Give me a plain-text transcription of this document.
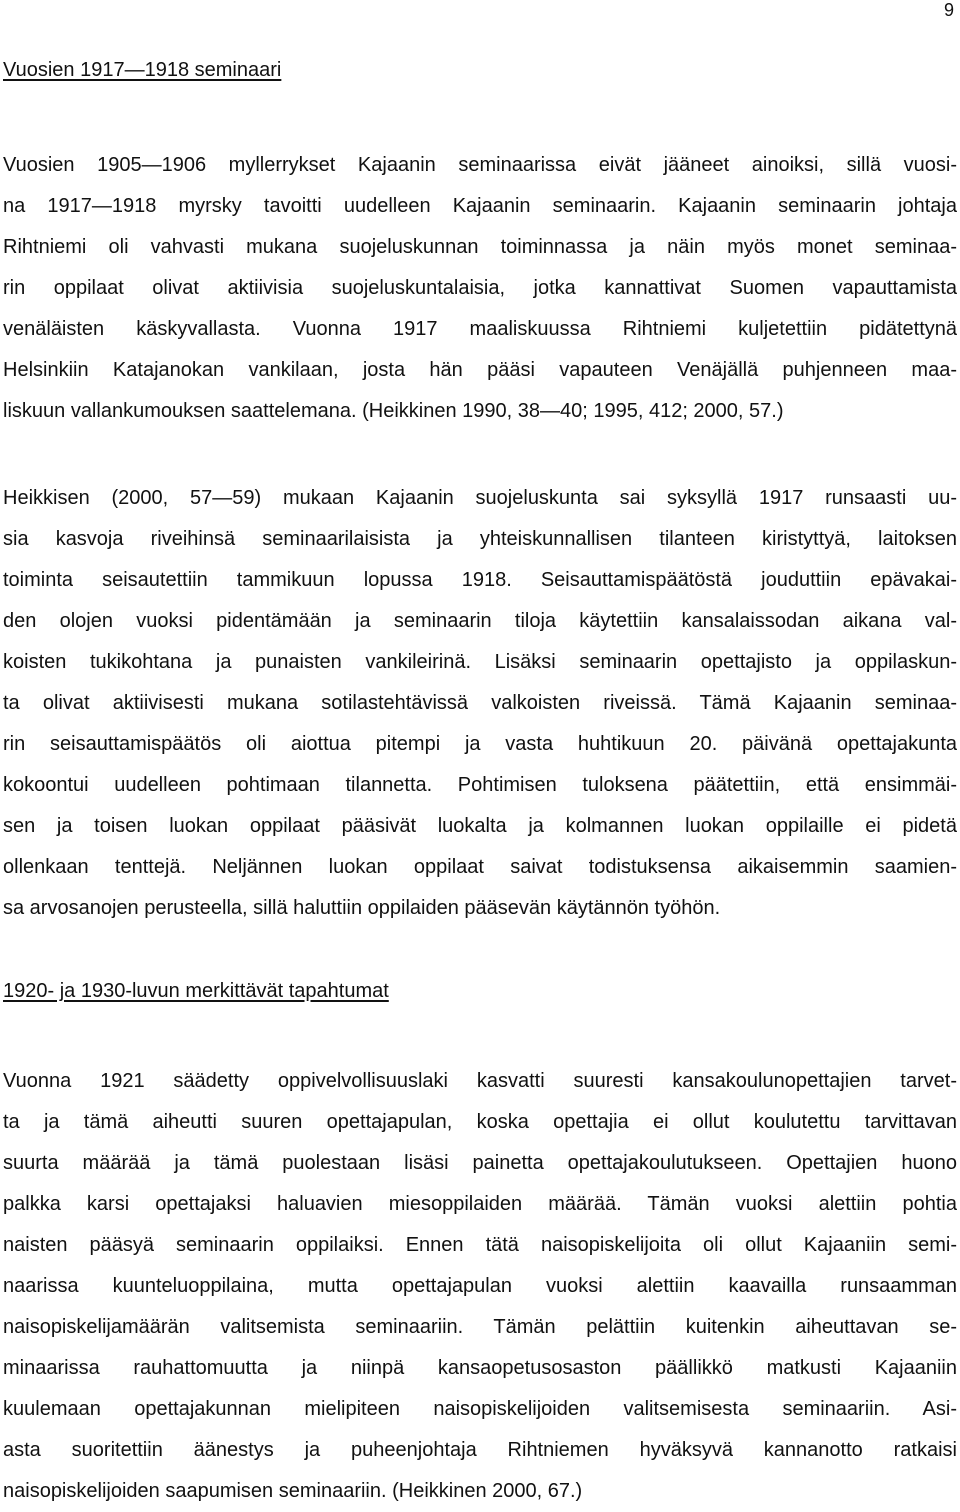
9
Vuosien 1917—1918 seminaari
Vuosien 1905—1906 myllerrykset Kajaanin seminaarissa eivät jääneet ainoiksi, sillä vuosi-
na 1917—1918 myrsky tavoitti uudelleen Kajaanin seminaarin. Kajaanin seminaarin johtaja
Rihtniemi oli vahvasti mukana suojeluskunnan toiminnassa ja näin myös monet seminaa-
rin oppilaat olivat aktiivisia suojeluskuntalaisia, jotka kannattivat Suomen vapauttamista
venäläisten käskyvallasta. Vuonna 1917 maaliskuussa Rihtniemi kuljetettiin pidätettynä
Helsinkiin Katajanokan vankilaan, josta hän pääsi vapauteen Venäjällä puhjenneen maa-
liskuun vallankumouksen saattelemana. (Heikkinen 1990, 38—40; 1995, 412; 2000, 57.)
Heikkisen (2000, 57—59) mukaan Kajaanin suojeluskunta sai syksyllä 1917 runsaasti uu-
sia kasvoja riveihinsä seminaarilaisista ja yhteiskunnallisen tilanteen kiristyttyä, laitoksen
toiminta seisautettiin tammikuun lopussa 1918. Seisauttamispäätöstä jouduttiin epävakai-
den olojen vuoksi pidentämään ja seminaarin tiloja käytettiin kansalaissodan aikana val-
koisten tukikohtana ja punaisten vankileirinä. Lisäksi seminaarin opettajisto ja oppilaskun-
ta olivat aktiivisesti mukana sotilastehtävissä valkoisten riveissä. Tämä Kajaanin seminaa-
rin seisauttamispäätös oli aiottua pitempi ja vasta huhtikuun 20. päivänä opettajakunta
kokoontui uudelleen pohtimaan tilannetta. Pohtimisen tuloksena päätettiin, että ensimmäi-
sen ja toisen luokan oppilaat pääsivät luokalta ja kolmannen luokan oppilaille ei pidetä
ollenkaan tenttejä. Neljännen luokan oppilaat saivat todistuksensa aikaisemmin saamien-
sa arvosanojen perusteella, sillä haluttiin oppilaiden pääsevän käytännön työhön.
1920- ja 1930-luvun merkittävät tapahtumat
Vuonna 1921 säädetty oppivelvollisuuslaki kasvatti suuresti kansakoulunopettajien tarvet-
ta ja tämä aiheutti suuren opettajapulan, koska opettajia ei ollut koulutettu tarvittavan
suurta määrää ja tämä puolestaan lisäsi painetta opettajakoulutukseen. Opettajien huono
palkka karsi opettajaksi haluavien miesoppilaiden määrää. Tämän vuoksi alettiin pohtia
naisten pääsyä seminaarin oppilaiksi. Ennen tätä naisopiskelijoita oli ollut Kajaaniin semi-
naarissa kuunteluoppilaina, mutta opettajapulan vuoksi alettiin kaavailla runsaamman
naisopiskelijamäärän valitsemista seminaariin. Tämän pelättiin kuitenkin aiheuttavan se-
minaarissa rauhattomuutta ja niinpä kansaopetusosaston päällikkö matkusti Kajaaniin
kuulemaan opettajakunnan mielipiteen naisopiskelijoiden valitsemisesta seminaariin. Asi-
asta suoritettiin äänestys ja puheenjohtaja Rihtniemen hyväksyvä kannanotto ratkaisi
naisopiskelijoiden saapumisen seminaariin. (Heikkinen 2000, 67.)
